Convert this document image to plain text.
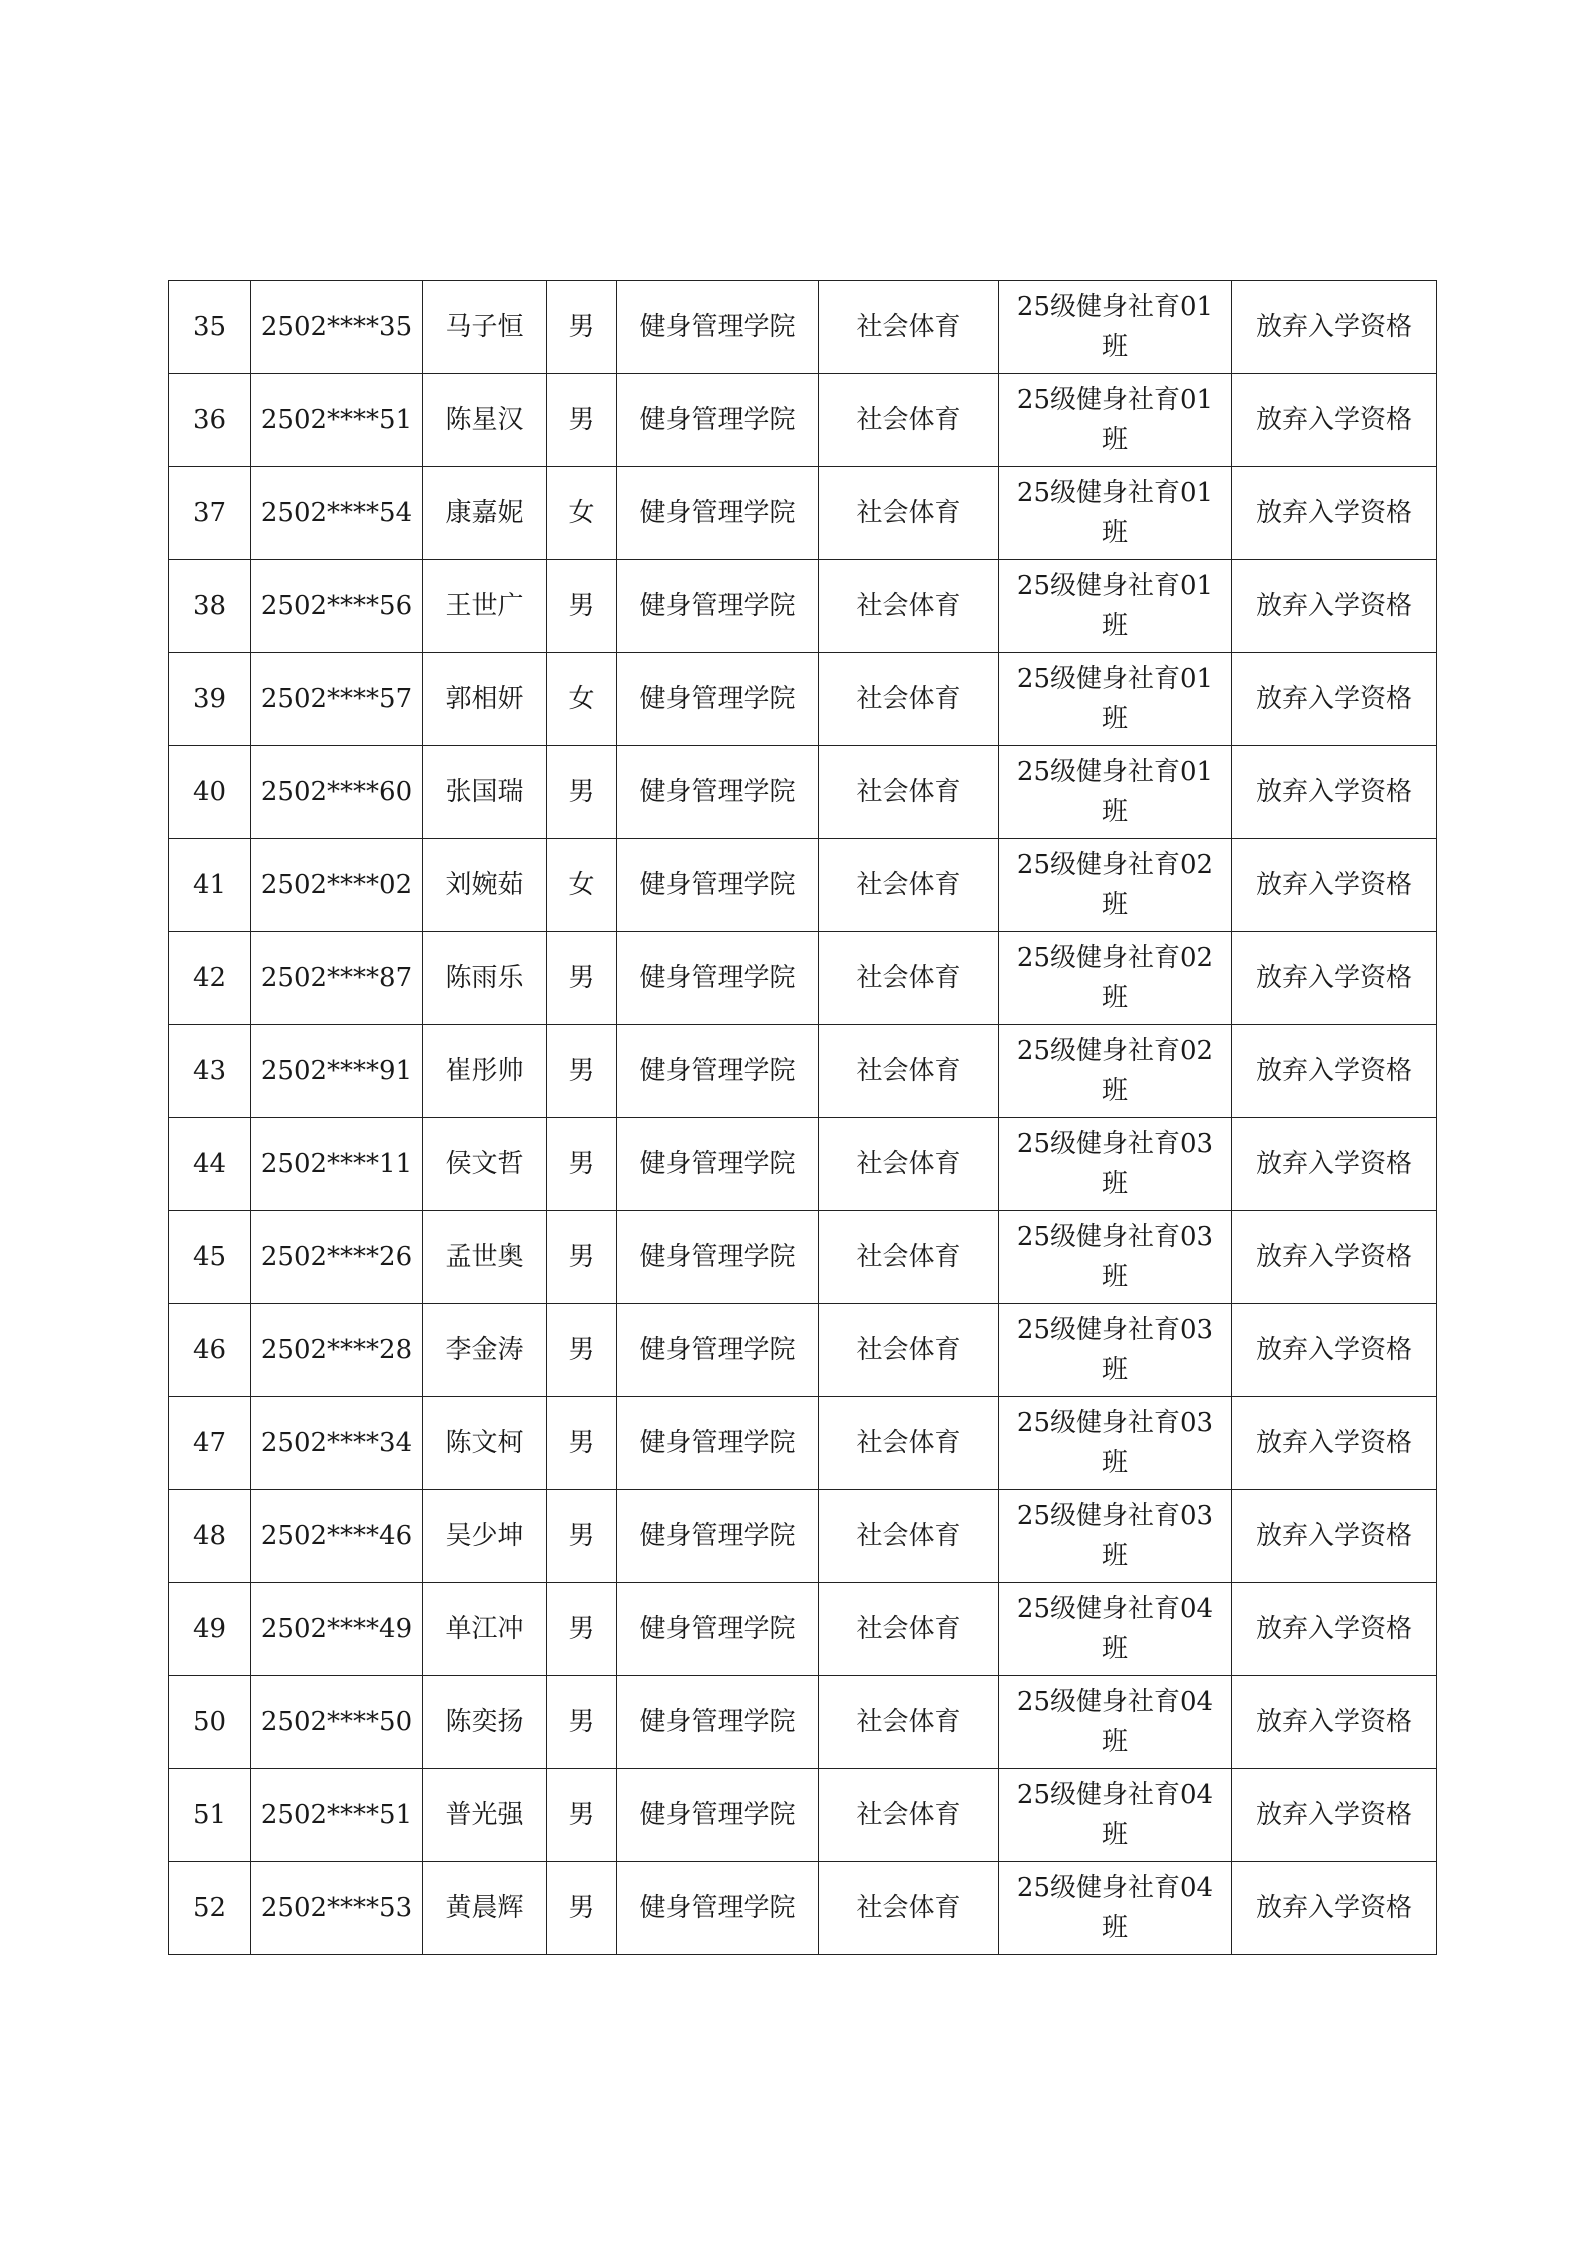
35	2502****35	马子恒	男	健身管理学院	社会体育	25级健身社育01班	放弃入学资格
36	2502****51	陈星汉	男	健身管理学院	社会体育	25级健身社育01班	放弃入学资格
37	2502****54	康嘉妮	女	健身管理学院	社会体育	25级健身社育01班	放弃入学资格
38	2502****56	王世广	男	健身管理学院	社会体育	25级健身社育01班	放弃入学资格
39	2502****57	郭相妍	女	健身管理学院	社会体育	25级健身社育01班	放弃入学资格
40	2502****60	张国瑞	男	健身管理学院	社会体育	25级健身社育01班	放弃入学资格
41	2502****02	刘婉茹	女	健身管理学院	社会体育	25级健身社育02班	放弃入学资格
42	2502****87	陈雨乐	男	健身管理学院	社会体育	25级健身社育02班	放弃入学资格
43	2502****91	崔彤帅	男	健身管理学院	社会体育	25级健身社育02班	放弃入学资格
44	2502****11	侯文哲	男	健身管理学院	社会体育	25级健身社育03班	放弃入学资格
45	2502****26	孟世奥	男	健身管理学院	社会体育	25级健身社育03班	放弃入学资格
46	2502****28	李金涛	男	健身管理学院	社会体育	25级健身社育03班	放弃入学资格
47	2502****34	陈文柯	男	健身管理学院	社会体育	25级健身社育03班	放弃入学资格
48	2502****46	吴少坤	男	健身管理学院	社会体育	25级健身社育03班	放弃入学资格
49	2502****49	单江冲	男	健身管理学院	社会体育	25级健身社育04班	放弃入学资格
50	2502****50	陈奕扬	男	健身管理学院	社会体育	25级健身社育04班	放弃入学资格
51	2502****51	普光强	男	健身管理学院	社会体育	25级健身社育04班	放弃入学资格
52	2502****53	黄晨辉	男	健身管理学院	社会体育	25级健身社育04班	放弃入学资格
